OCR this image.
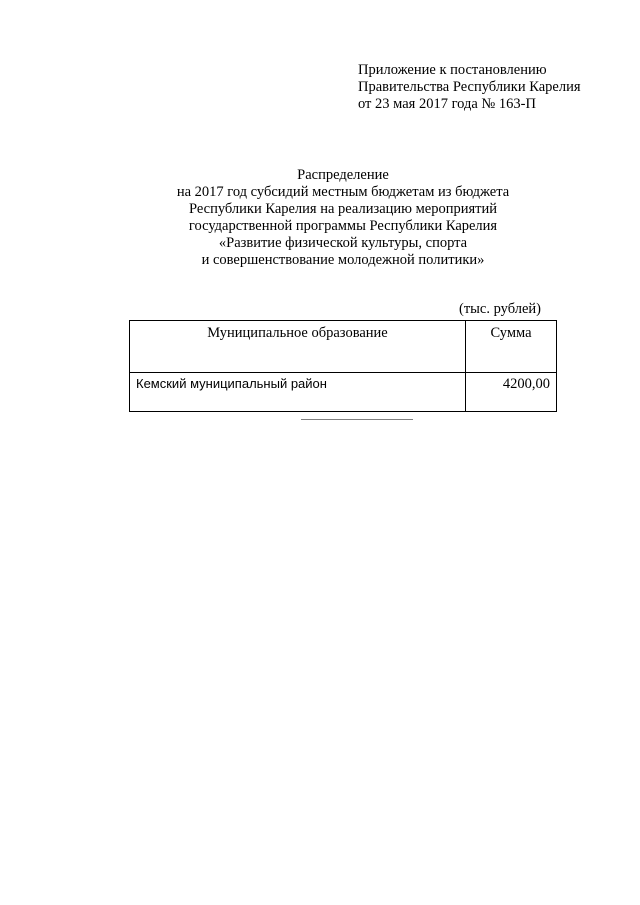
Приложение к постановлению
Правительства Республики Карелия
от 23 мая 2017 года № 163-П
Распределение
на 2017 год субсидий местным бюджетам из бюджета
Республики Карелия на реализацию мероприятий
государственной программы Республики Карелия
«Развитие физической культуры, спорта
и совершенствование молодежной политики»
(тыс. рублей)
Муниципальное образование	Сумма
Кемский муниципальный район	4200,00
